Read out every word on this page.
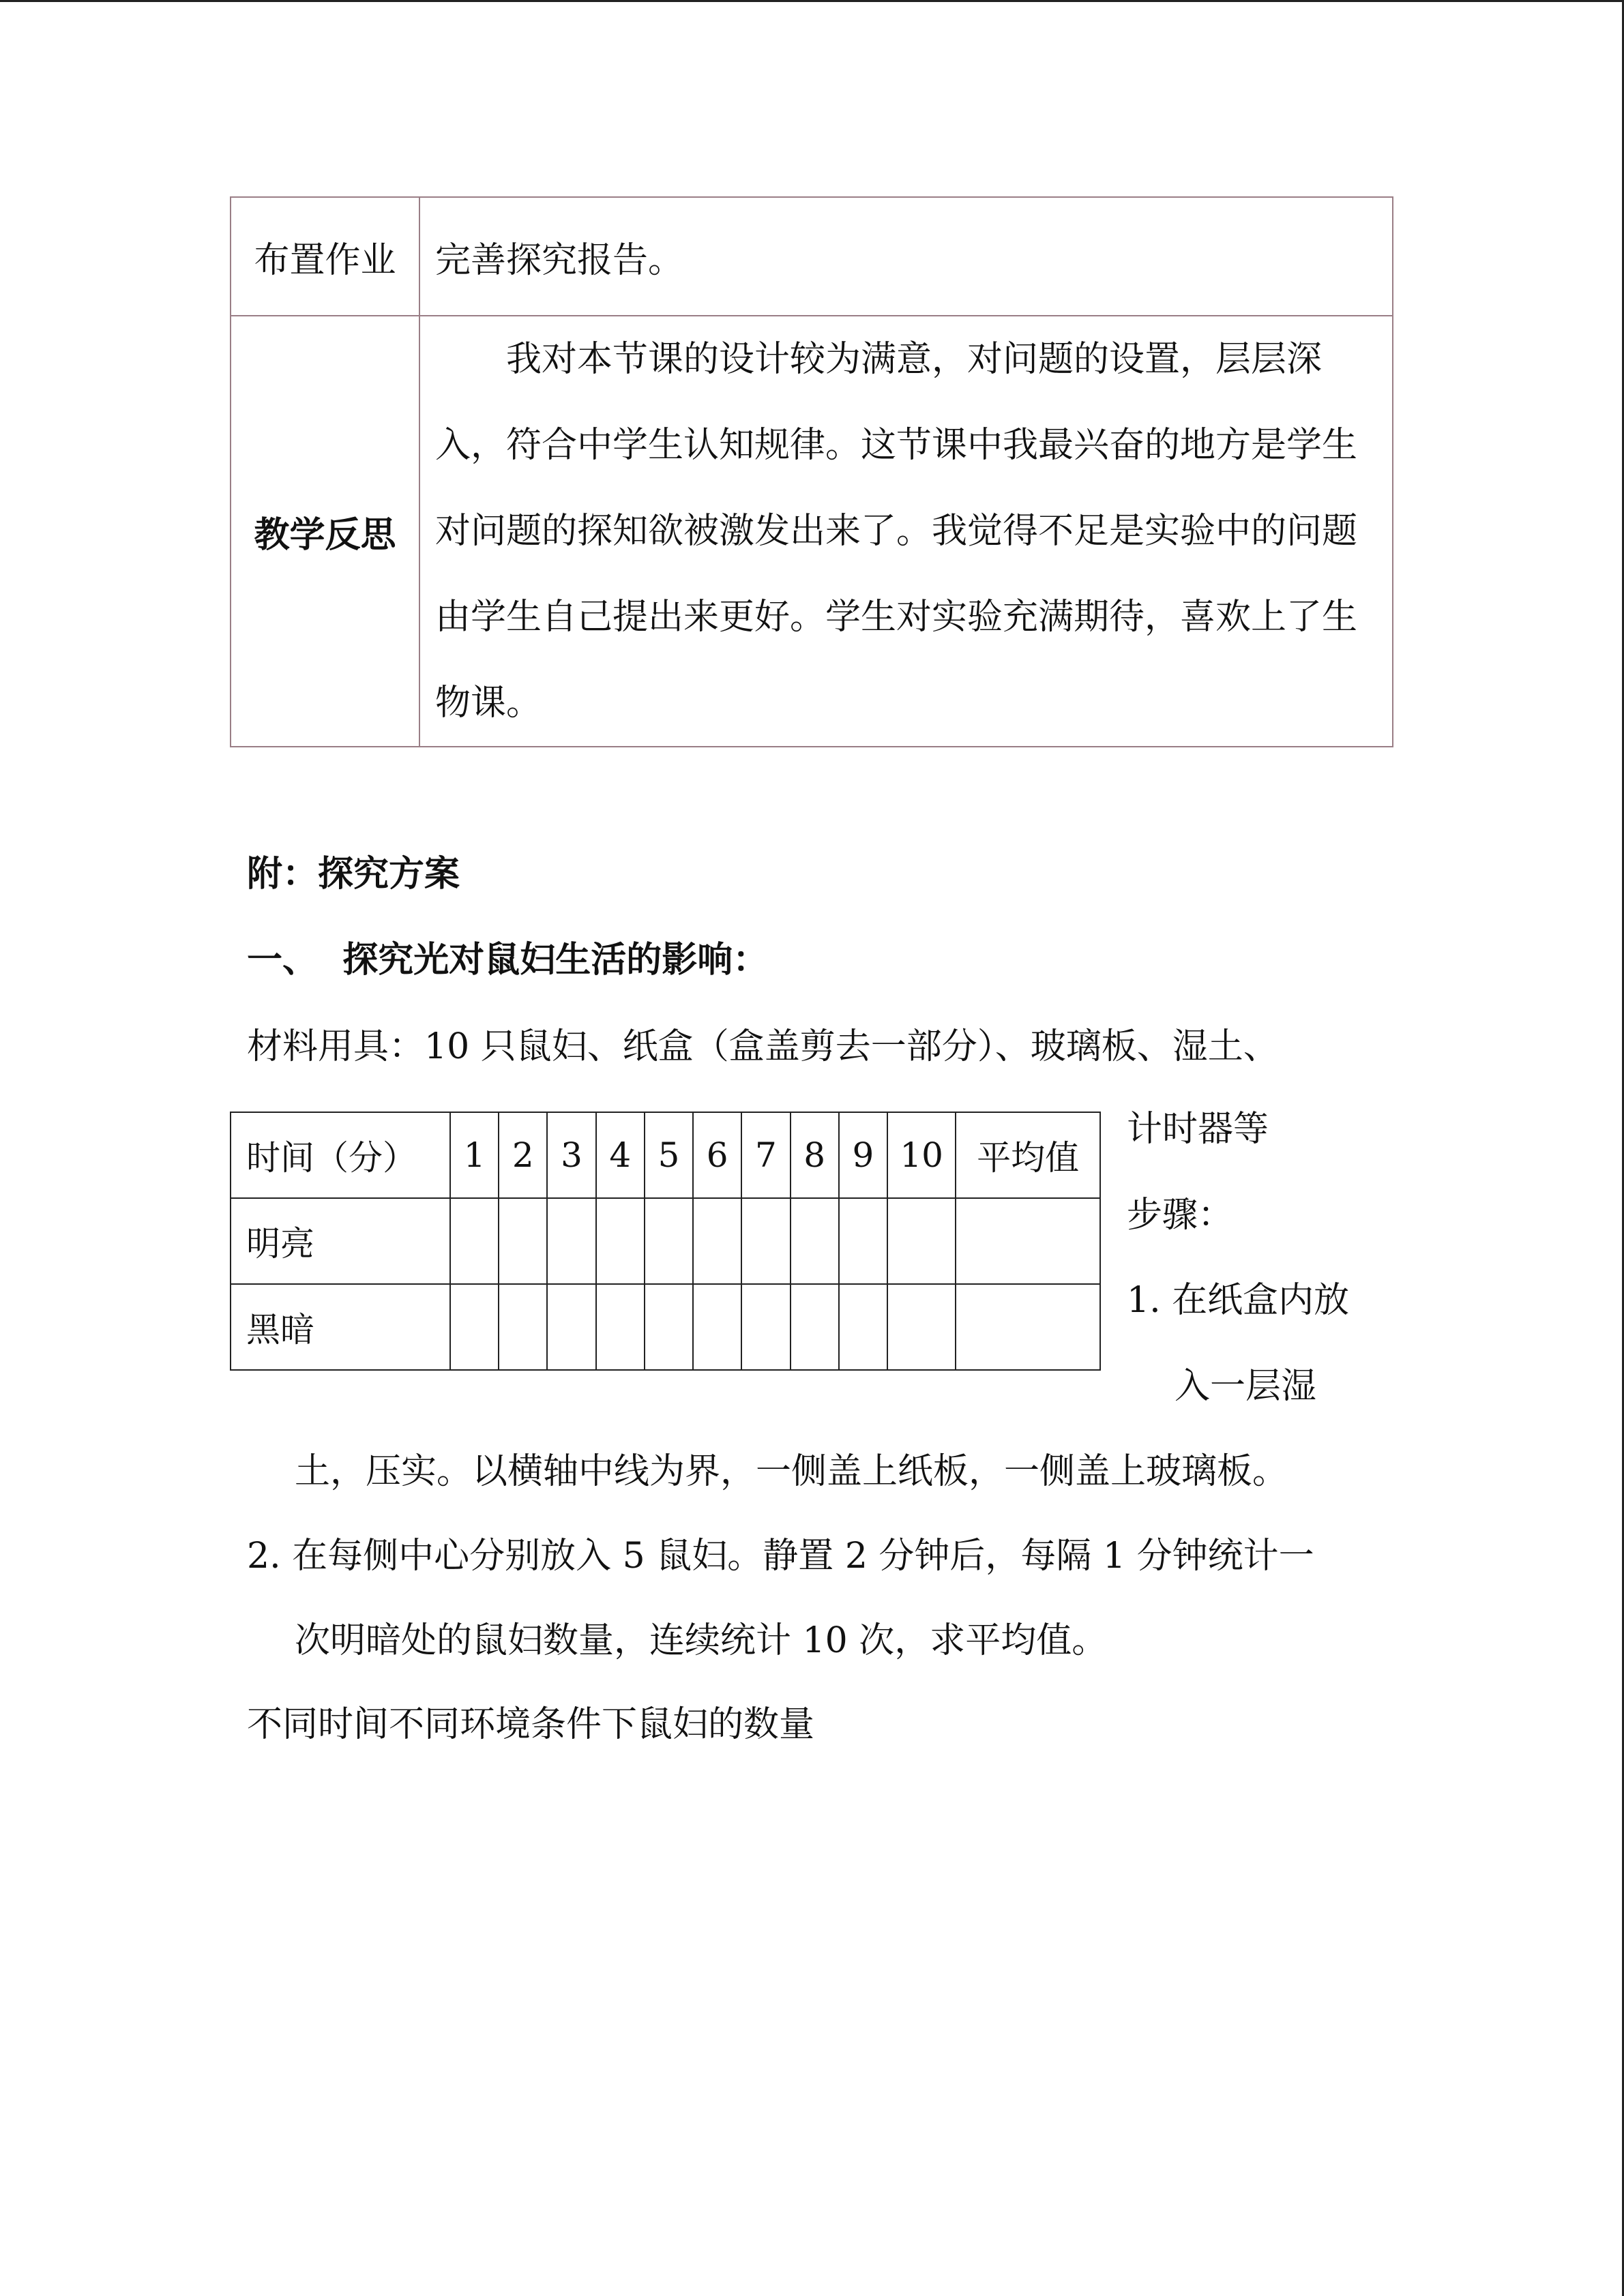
布置作业	完善探究报告。
教学反思	我对本节课的设计较为满意，对问题的设置，层层深入，符合中学生认知规律。这节课中我最兴奋的地方是学生对问题的探知欲被激发出来了。我觉得不足是实验中的问题由学生自己提出来更好。学生对实验充满期待，喜欢上了生物课。

附：探究方案
一、  探究光对鼠妇生活的影响：
材料用具：10 只鼠妇、纸盒（盒盖剪去一部分）、玻璃板、湿土、
时间（分）	1	2	3	4	5	6	7	8	9	10	平均值
明亮											
黑暗											
计时器等
步骤：
1. 在纸盒内放
入一层湿
土，压实。以横轴中线为界，一侧盖上纸板，一侧盖上玻璃板。
2. 在每侧中心分别放入 5 鼠妇。静置 2 分钟后，每隔 1 分钟统计一
次明暗处的鼠妇数量，连续统计 10 次，求平均值。
不同时间不同环境条件下鼠妇的数量
